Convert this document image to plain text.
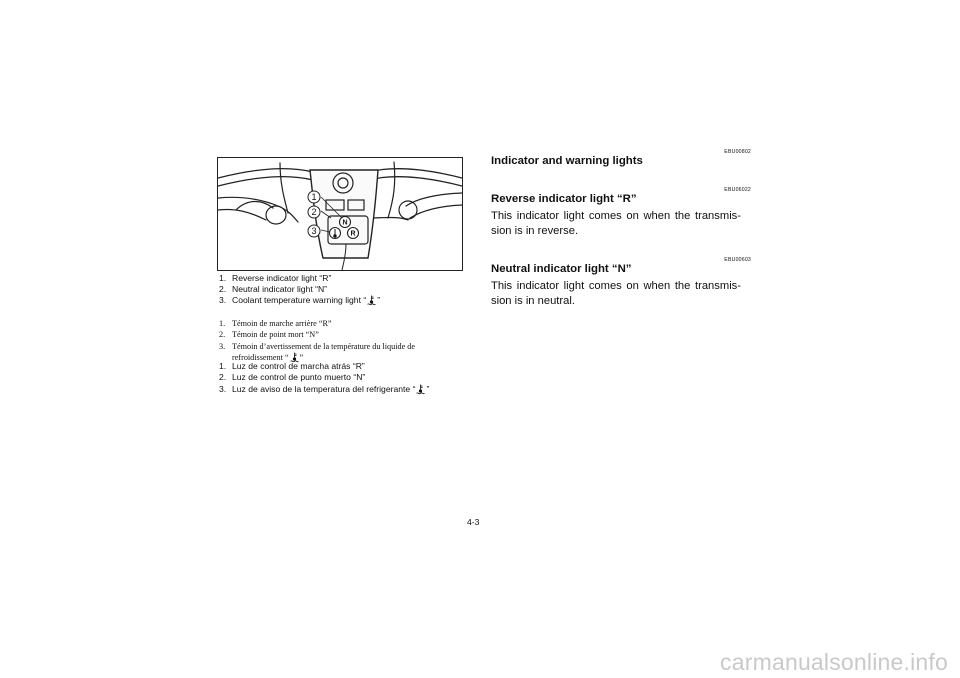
1
2
3
N
R
1. Reverse indicator light “R”
2. Neutral indicator light “N”
3. Coolant temperature warning light “ ”
1. Témoin de marche arrière “R”
2. Témoin de point mort “N”
3. Témoin d’avertissement de la température du liquide de refroidissement “ ”
1. Luz de control de marcha atrás “R”
2. Luz de control de punto muerto “N”
3. Luz de aviso de la temperatura del refrigerante “ ”
EBU00802
Indicator and warning lights
EBU06022
Reverse indicator light “R”
This indicator light comes on when the transmis-sion is in reverse.
EBU00603
Neutral indicator light “N”
This indicator light comes on when the transmis-sion is in neutral.
4-3
carmanualsonline.info
